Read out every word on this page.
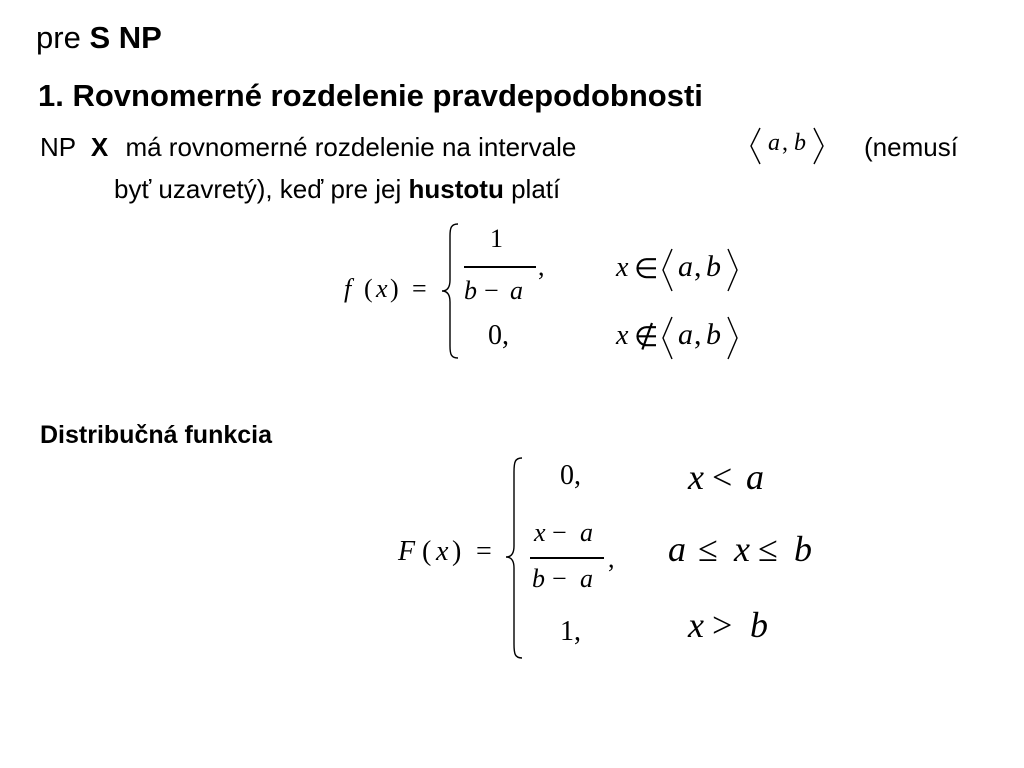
pre S NP
1. Rovnomerné rozdelenie pravdepodobnosti
NP X má rovnomerné rozdelenie na intervale	a , b (nemusí
byť uzavretý), keď pre jej hustotu platí
f ( x ) =
1
b − a
,	x ∈ a , b
0,	x ∉ a , b
Distribučná funkcia
F ( x ) =
0,	x < a
x − a
b − a
, a ≤ x ≤ b
1,	x > b
